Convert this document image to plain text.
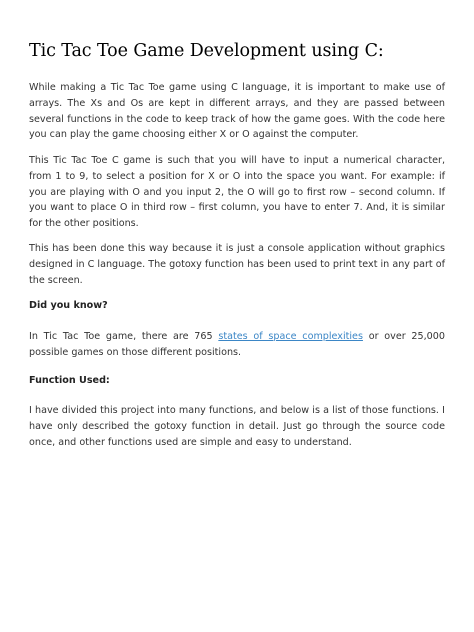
Tic Tac Toe Game Development using C:
While making a Tic Tac Toe game using C language, it is important to make use of arrays. The Xs and Os are kept in different arrays, and they are passed between several functions in the code to keep track of how the game goes. With the code here you can play the game choosing either X or O against the computer.
This Tic Tac Toe C game is such that you will have to input a numerical character, from 1 to 9, to select a position for X or O into the space you want. For example: if you are playing with O and you input 2, the O will go to first row – second column. If you want to place O in third row – first column, you have to enter 7. And, it is similar for the other positions.
This has been done this way because it is just a console application without graphics designed in C language. The gotoxy function has been used to print text in any part of the screen.
Did you know?
In Tic Tac Toe game, there are 765 states of space complexities or over 25,000 possible games on those different positions.
Function Used:
I have divided this project into many functions, and below is a list of those functions. I have only described the gotoxy function in detail. Just go through the source code once, and other functions used are simple and easy to understand.
